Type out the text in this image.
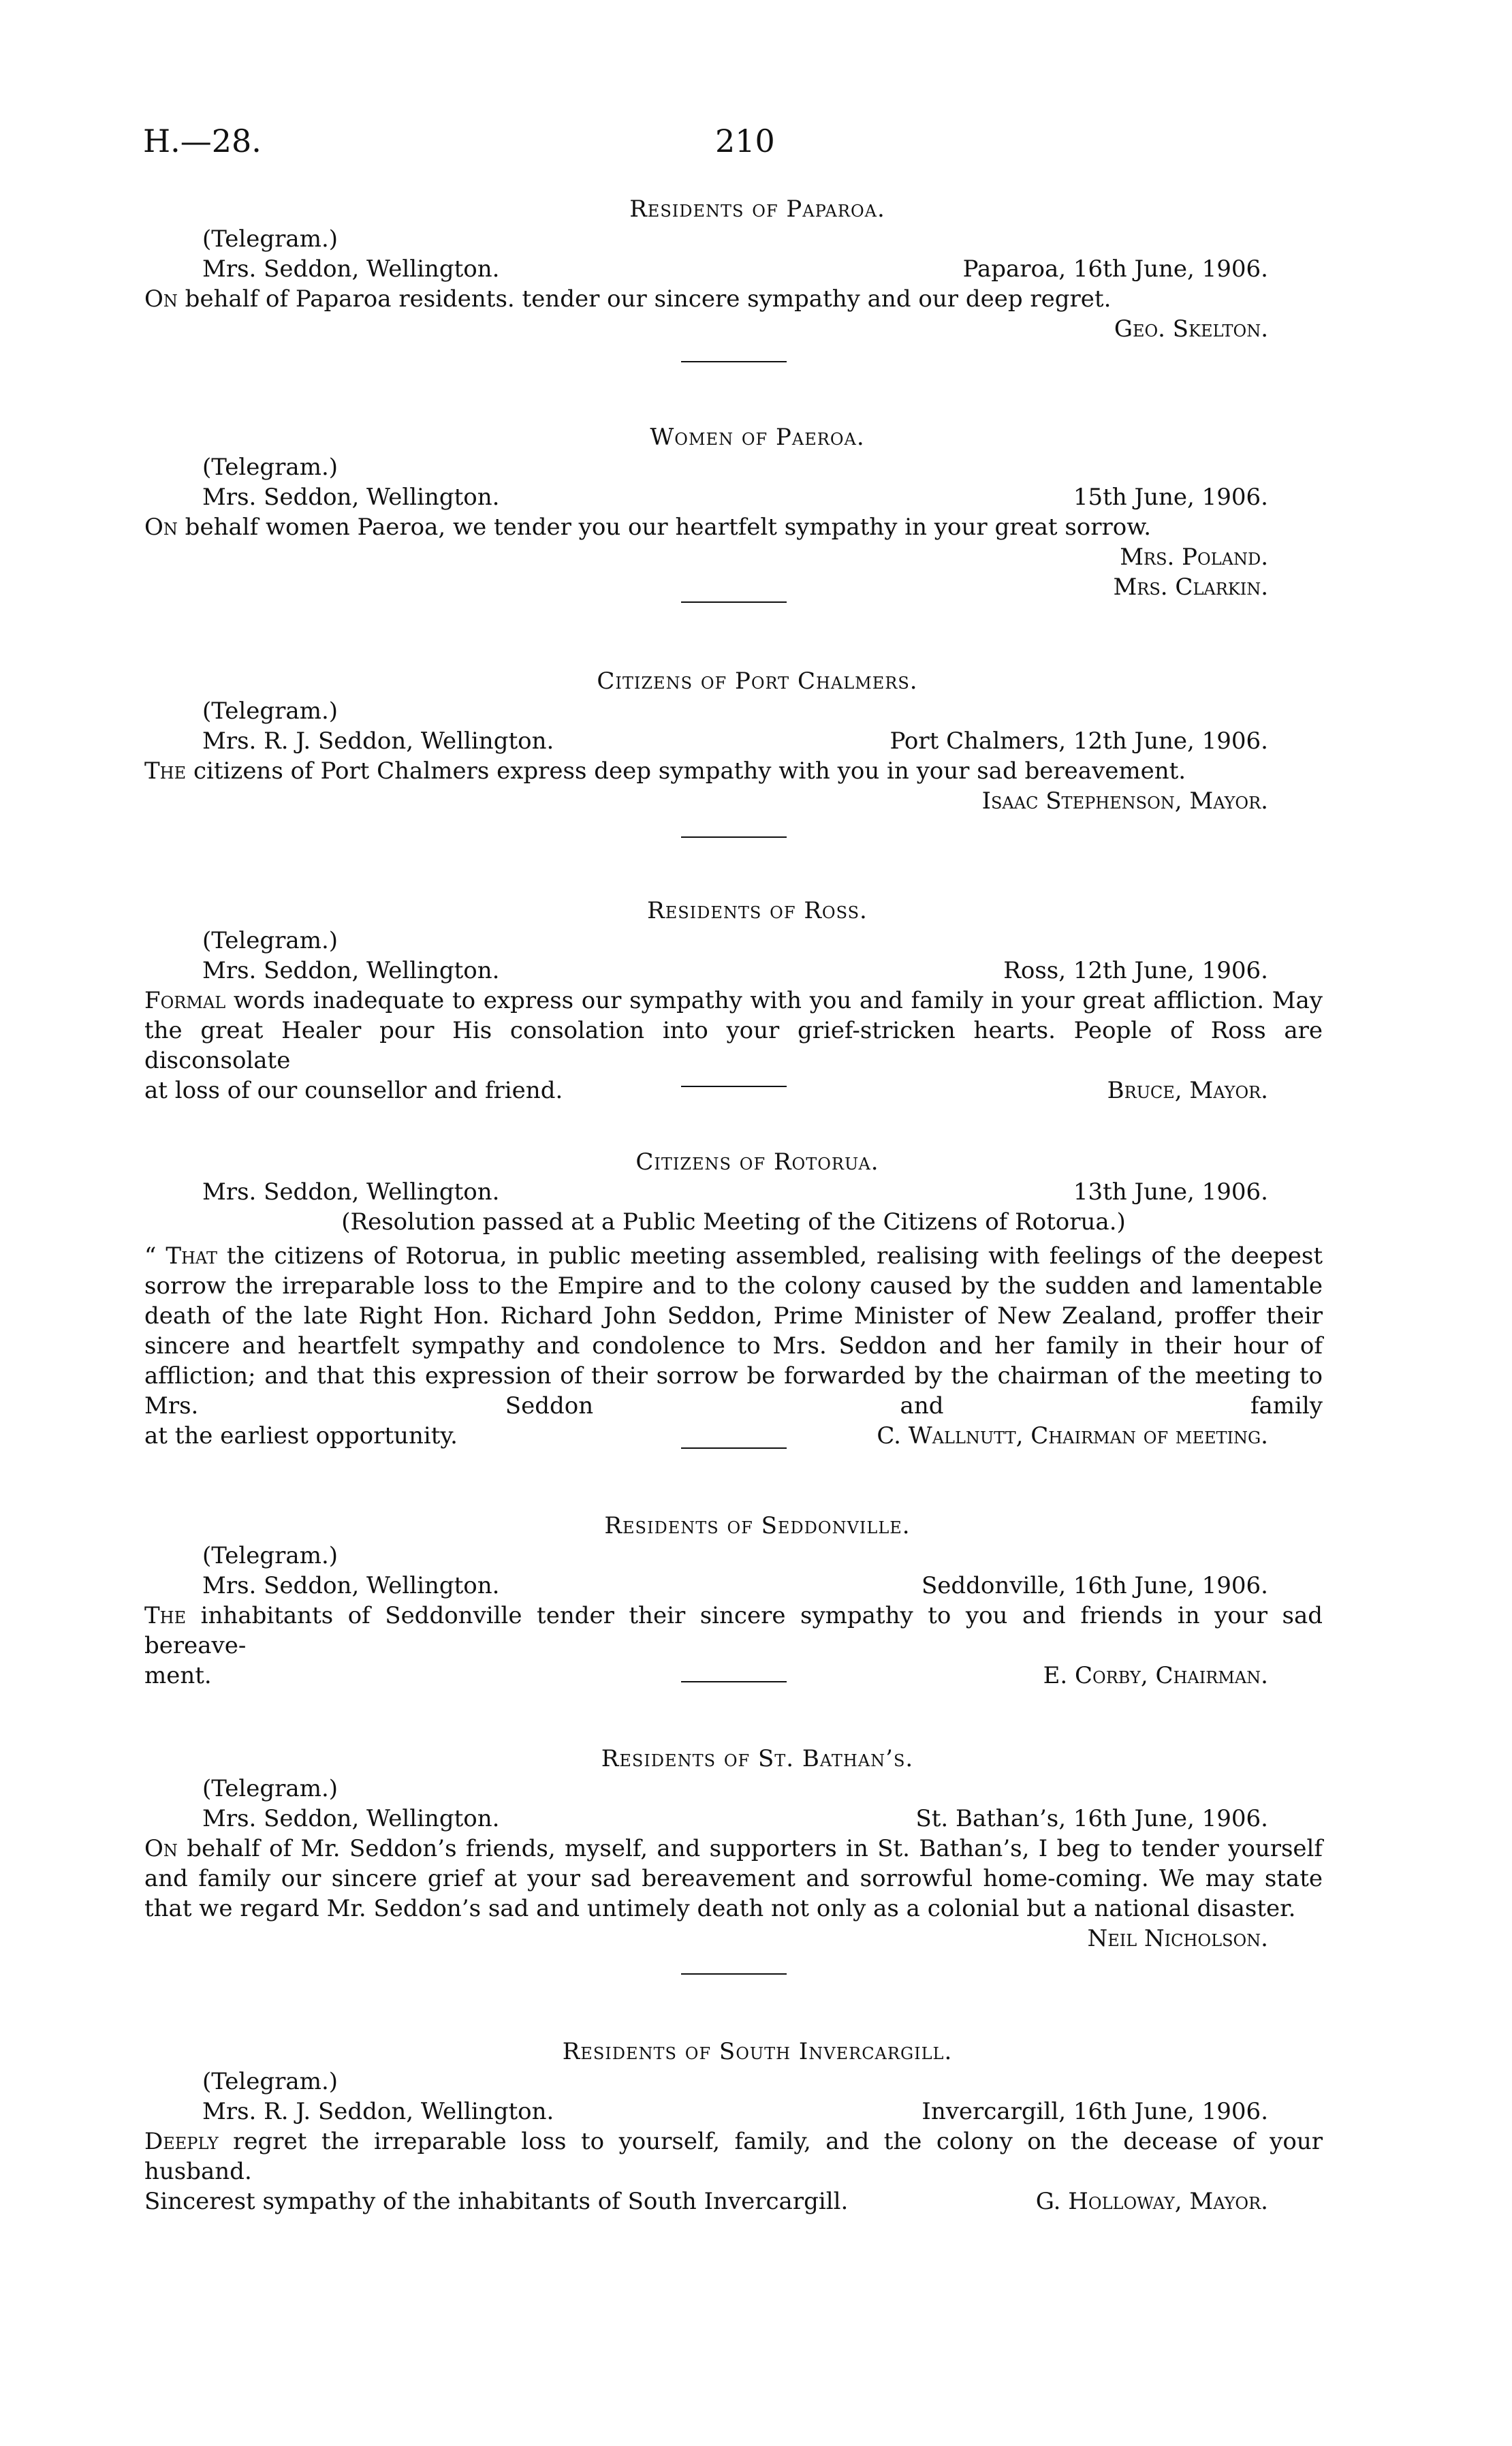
H.—28.	210
Residents of Paparoa.
(Telegram.)
Mrs. Seddon, Wellington.	Paparoa, 16th June, 1906.
On behalf of Paparoa residents. tender our sincere sympathy and our deep regret.
Geo. Skelton.
Women of Paeroa.
(Telegram.)
Mrs. Seddon, Wellington.	15th June, 1906.
On behalf women Paeroa, we tender you our heartfelt sympathy in your great sorrow.
Mrs. Poland.
Mrs. Clarkin.
Citizens of Port Chalmers.
(Telegram.)
Mrs. R. J. Seddon, Wellington.	Port Chalmers, 12th June, 1906.
The citizens of Port Chalmers express deep sympathy with you in your sad bereavement.
Isaac Stephenson, Mayor.
Residents of Ross.
(Telegram.)
Mrs. Seddon, Wellington.	Ross, 12th June, 1906.
Formal words inadequate to express our sympathy with you and family in your great affliction. May the great Healer pour His consolation into your grief-stricken hearts. People of Ross are disconsolate
at loss of our counsellor and friend.	Bruce, Mayor.
Citizens of Rotorua.
Mrs. Seddon, Wellington.	13th June, 1906.
(Resolution passed at a Public Meeting of the Citizens of Rotorua.)
“ That the citizens of Rotorua, in public meeting assembled, realising with feelings of the deepest sorrow the irreparable loss to the Empire and to the colony caused by the sudden and lamentable death of the late Right Hon. Richard John Seddon, Prime Minister of New Zealand, proffer their sincere and heartfelt sympathy and condolence to Mrs. Seddon and her family in their hour of affliction; and that this expression of their sorrow be forwarded by the chairman of the meeting to Mrs. Seddon and family
at the earliest opportunity.	C. Wallnutt, Chairman of meeting.
Residents of Seddonville.
(Telegram.)
Mrs. Seddon, Wellington.	Seddonville, 16th June, 1906.
The inhabitants of Seddonville tender their sincere sympathy to you and friends in your sad bereave-
ment.	E. Corby, Chairman.
Residents of St. Bathan’s.
(Telegram.)
Mrs. Seddon, Wellington.	St. Bathan’s, 16th June, 1906.
On behalf of Mr. Seddon’s friends, myself, and supporters in St. Bathan’s, I beg to tender yourself and family our sincere grief at your sad bereavement and sorrowful home-coming. We may state that we regard Mr. Seddon’s sad and untimely death not only as a colonial but a national disaster.
Neil Nicholson.
Residents of South Invercargill.
(Telegram.)
Mrs. R. J. Seddon, Wellington.	Invercargill, 16th June, 1906.
Deeply regret the irreparable loss to yourself, family, and the colony on the decease of your husband.
Sincerest sympathy of the inhabitants of South Invercargill.	G. Holloway, Mayor.
